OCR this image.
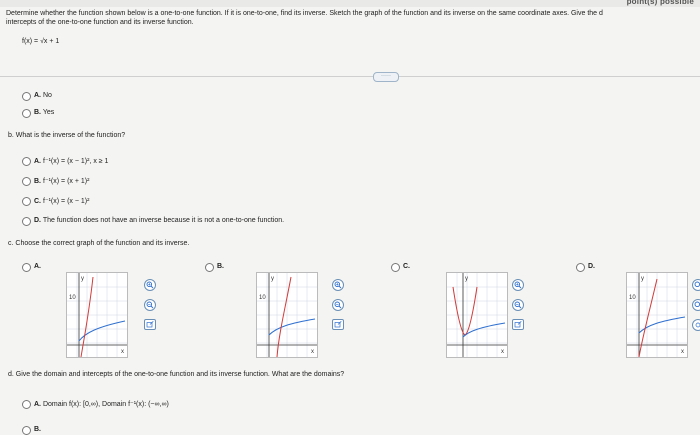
point(s) possible
Determine whether the function shown below is a one-to-one function. If it is one-to-one, find its inverse. Sketch the graph of the function and its inverse on the same coordinate axes. Give the d
intercepts of the one-to-one function and its inverse function.
f(x) = √x + 1
·····
A. No
B. Yes
b. What is the inverse of the function?
A. f⁻¹(x) = (x − 1)², x ≥ 1
B. f⁻¹(x) = (x + 1)²
C. f⁻¹(x) = (x − 1)²
D. The function does not have an inverse because it is not a one-to-one function.
c. Choose the correct graph of the function and its inverse.
A.	B.	C.	D.
10
y
x
10
y
x
y
x
10
y
x
d. Give the domain and intercepts of the one-to-one function and its inverse function. What are the domains?
A. Domain f(x): [0,∞), Domain f⁻¹(x): (−∞,∞)
B.
